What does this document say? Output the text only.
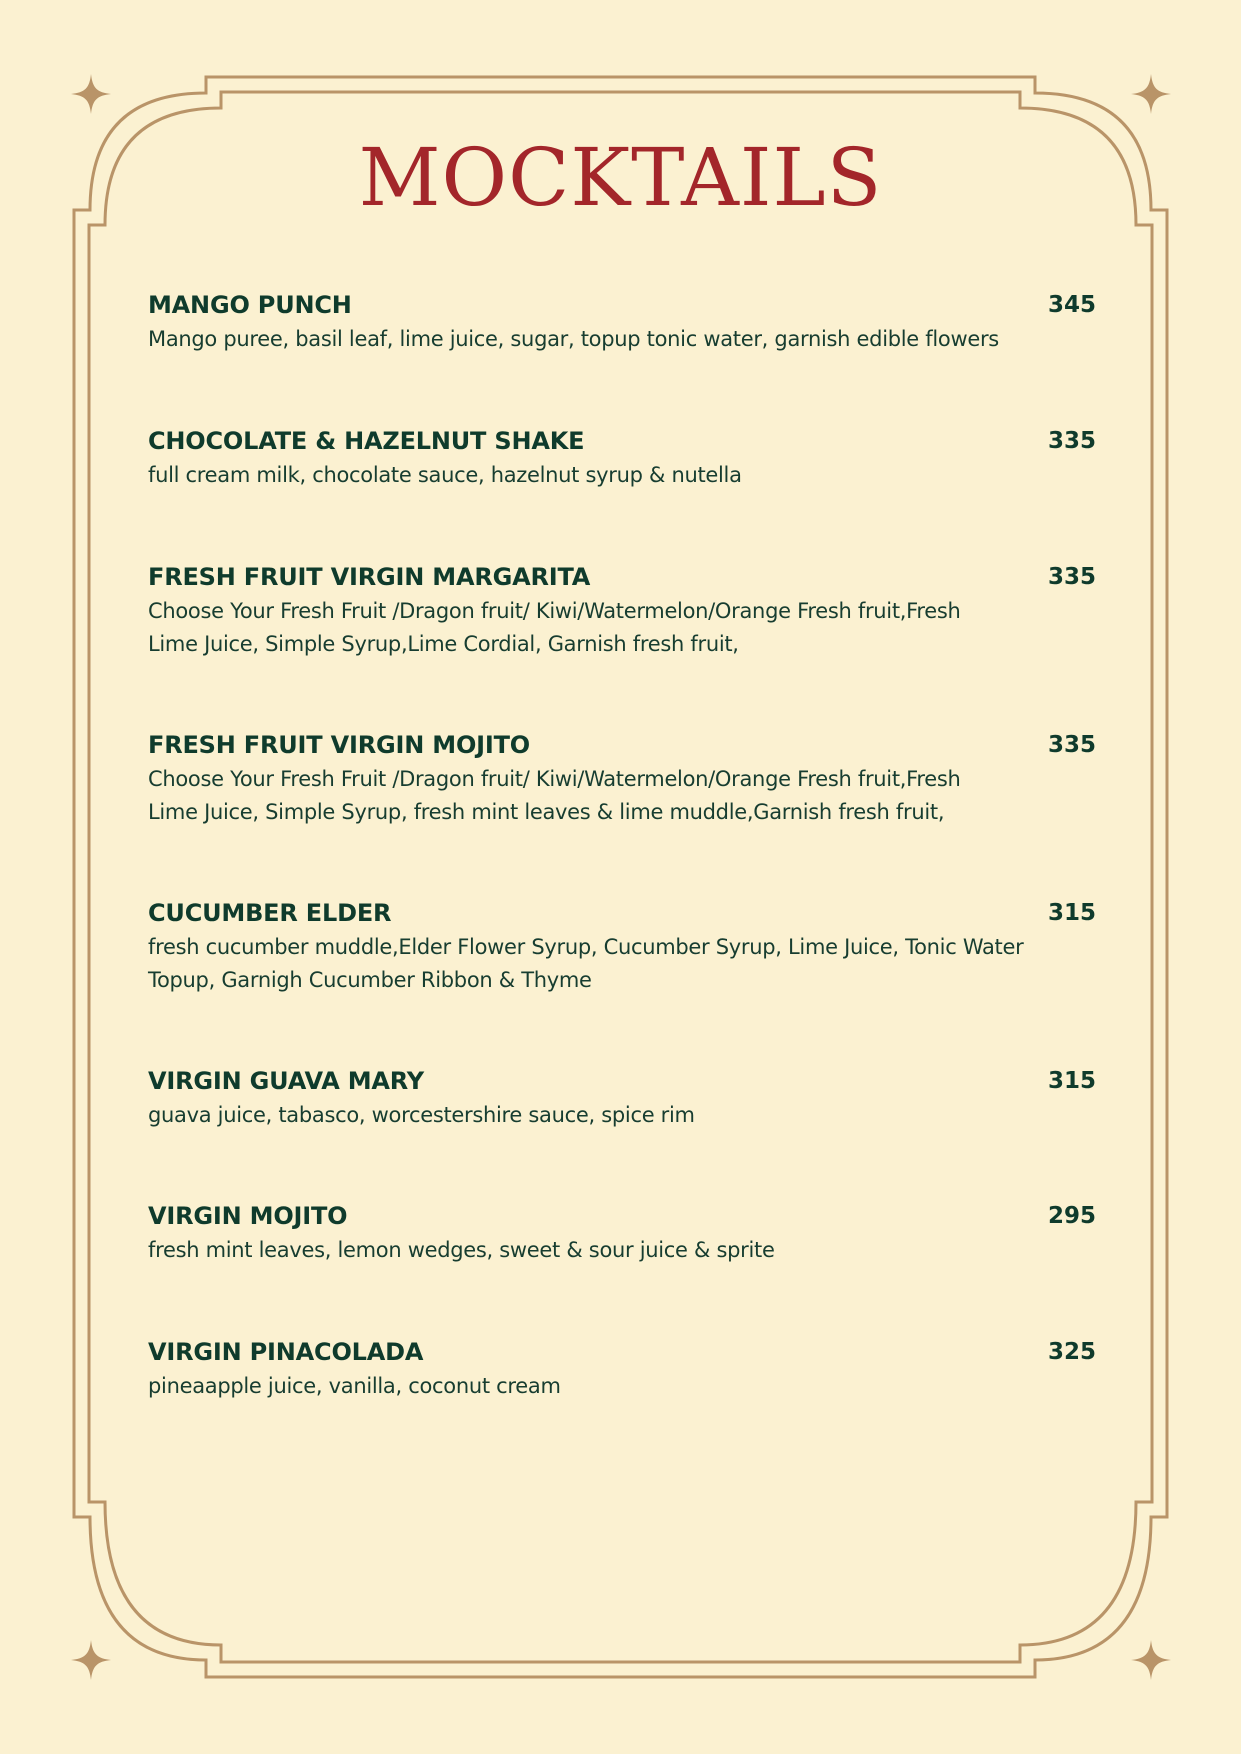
MOCKTAILS
MANGO PUNCH	345
Mango puree, basil leaf, lime juice, sugar, topup tonic water, garnish edible flowers
CHOCOLATE & HAZELNUT SHAKE	335
full cream milk, chocolate sauce, hazelnut syrup & nutella
FRESH FRUIT VIRGIN MARGARITA	335
Choose Your Fresh Fruit /Dragon fruit/ Kiwi/Watermelon/Orange Fresh fruit,Fresh
Lime Juice, Simple Syrup,Lime Cordial, Garnish fresh fruit,
FRESH FRUIT VIRGIN MOJITO	335
Choose Your Fresh Fruit /Dragon fruit/ Kiwi/Watermelon/Orange Fresh fruit,Fresh
Lime Juice, Simple Syrup, fresh mint leaves & lime muddle,Garnish fresh fruit,
CUCUMBER ELDER	315
fresh cucumber muddle,Elder Flower Syrup, Cucumber Syrup, Lime Juice, Tonic Water
Topup, Garnigh Cucumber Ribbon & Thyme
VIRGIN GUAVA MARY	315
guava juice, tabasco, worcestershire sauce, spice rim
VIRGIN MOJITO	295
fresh mint leaves, lemon wedges, sweet & sour juice & sprite
VIRGIN PINACOLADA	325
pineaapple juice, vanilla, coconut cream
